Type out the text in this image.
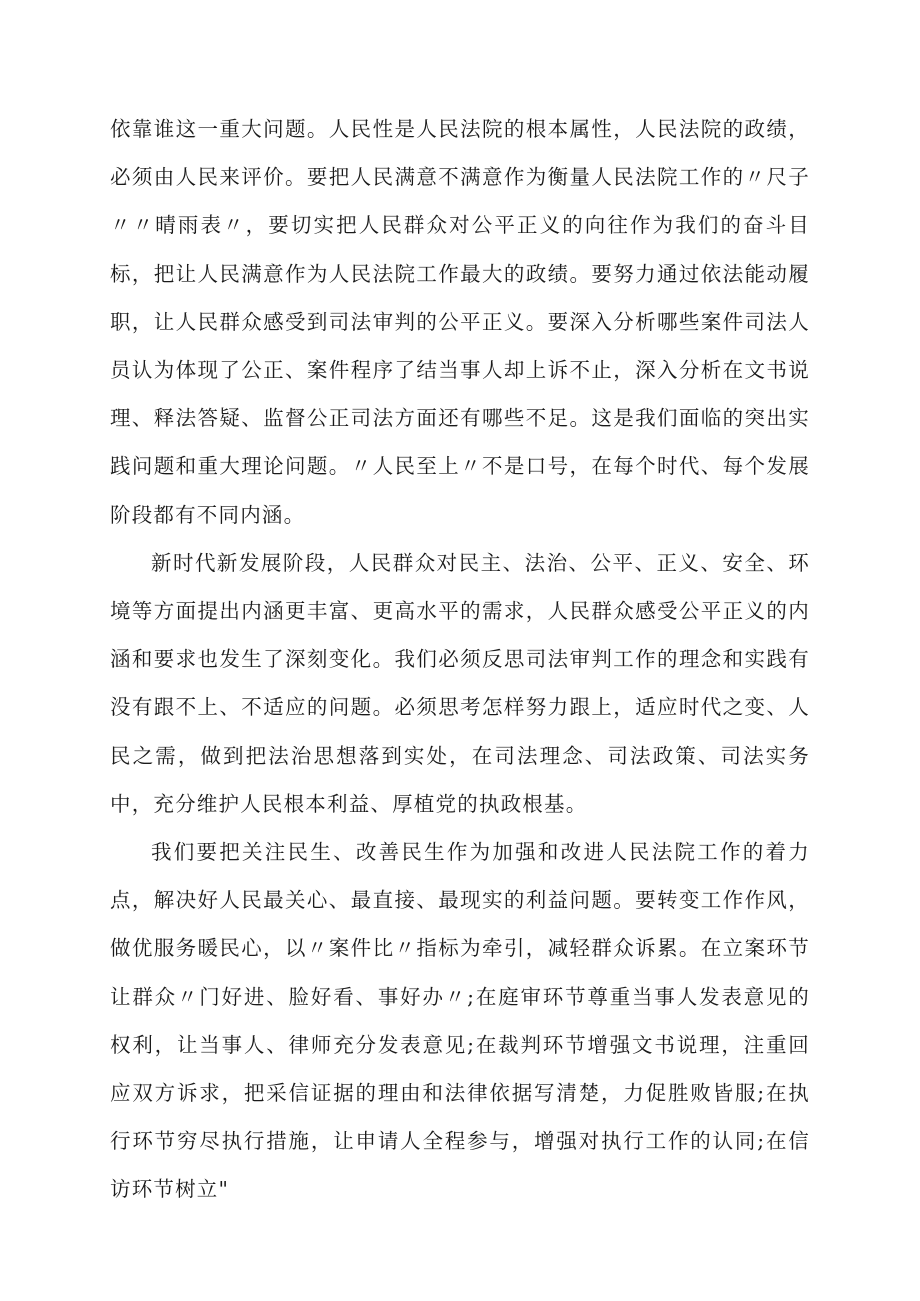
依靠谁这一重大问题。人民性是人民法院的根本属性，人民法院的政绩，必须由人民来评价。要把人民满意不满意作为衡量人民法院工作的〃尺子〃〃晴雨表〃，要切实把人民群众对公平正义的向往作为我们的奋斗目标，把让人民满意作为人民法院工作最大的政绩。要努力通过依法能动履职，让人民群众感受到司法审判的公平正义。要深入分析哪些案件司法人员认为体现了公正、案件程序了结当事人却上诉不止，深入分析在文书说理、释法答疑、监督公正司法方面还有哪些不足。这是我们面临的突出实践问题和重大理论问题。〃人民至上〃不是口号，在每个时代、每个发展阶段都有不同内涵。

新时代新发展阶段，人民群众对民主、法治、公平、正义、安全、环境等方面提出内涵更丰富、更高水平的需求，人民群众感受公平正义的内涵和要求也发生了深刻变化。我们必须反思司法审判工作的理念和实践有没有跟不上、不适应的问题。必须思考怎样努力跟上，适应时代之变、人民之需，做到把法治思想落到实处，在司法理念、司法政策、司法实务中，充分维护人民根本利益、厚植党的执政根基。

我们要把关注民生、改善民生作为加强和改进人民法院工作的着力点，解决好人民最关心、最直接、最现实的利益问题。要转变工作作风，做优服务暖民心，以〃案件比〃指标为牵引，减轻群众诉累。在立案环节让群众〃门好进、脸好看、事好办〃;在庭审环节尊重当事人发表意见的权利，让当事人、律师充分发表意见;在裁判环节增强文书说理，注重回应双方诉求，把采信证据的理由和法律依据写清楚，力促胜败皆服;在执行环节穷尽执行措施，让申请人全程参与，增强对执行工作的认同;在信访环节树立"
